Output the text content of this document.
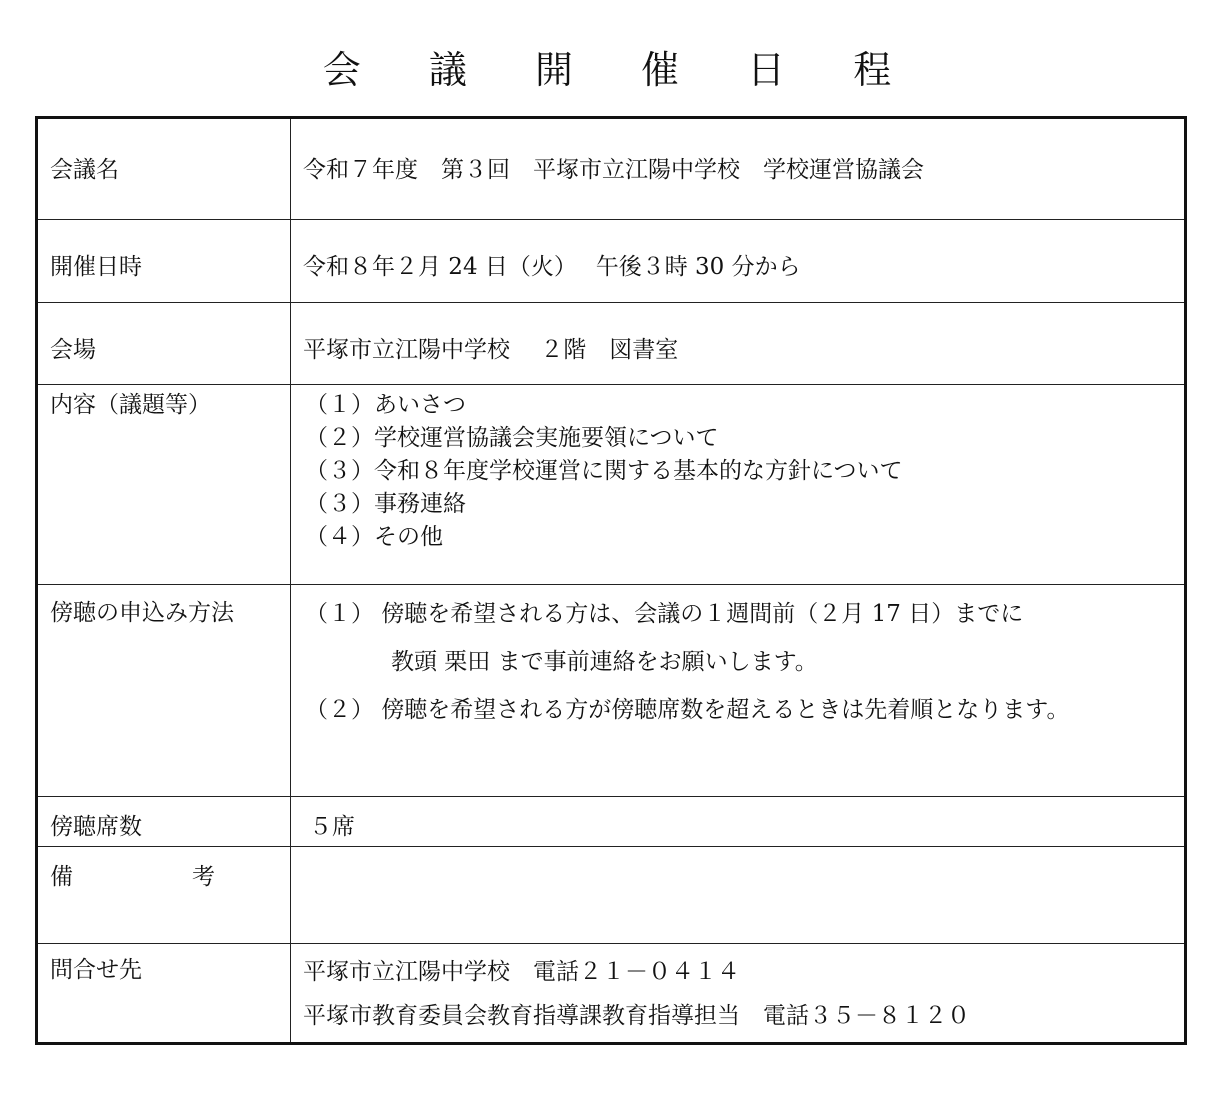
会 議 開 催 日 程
会議名	令和７年度　第３回　平塚市立江陽中学校　学校運営協議会
開催日時	令和８年２月 24 日（火）　 午後３時 30 分から
会場	平塚市立江陽中学校　 ２階　図書室
内容（議題等）	（１）あいさつ
（２）学校運営協議会実施要領について
（３）令和８年度学校運営に関する基本的な方針について
（３）事務連絡
（４）その他

傍聴の申込み方法	（１） 傍聴を希望される方は、会議の１週間前（２月 17 日）までに
教頭 栗田 まで事前連絡をお願いします。
（２） 傍聴を希望される方が傍聴席数を超えるときは先着順となります。

傍聴席数	５席
備　考	
問合せ先	平塚市立江陽中学校　電話２１－０４１４
平塚市教育委員会教育指導課教育指導担当　電話３５－８１２０
